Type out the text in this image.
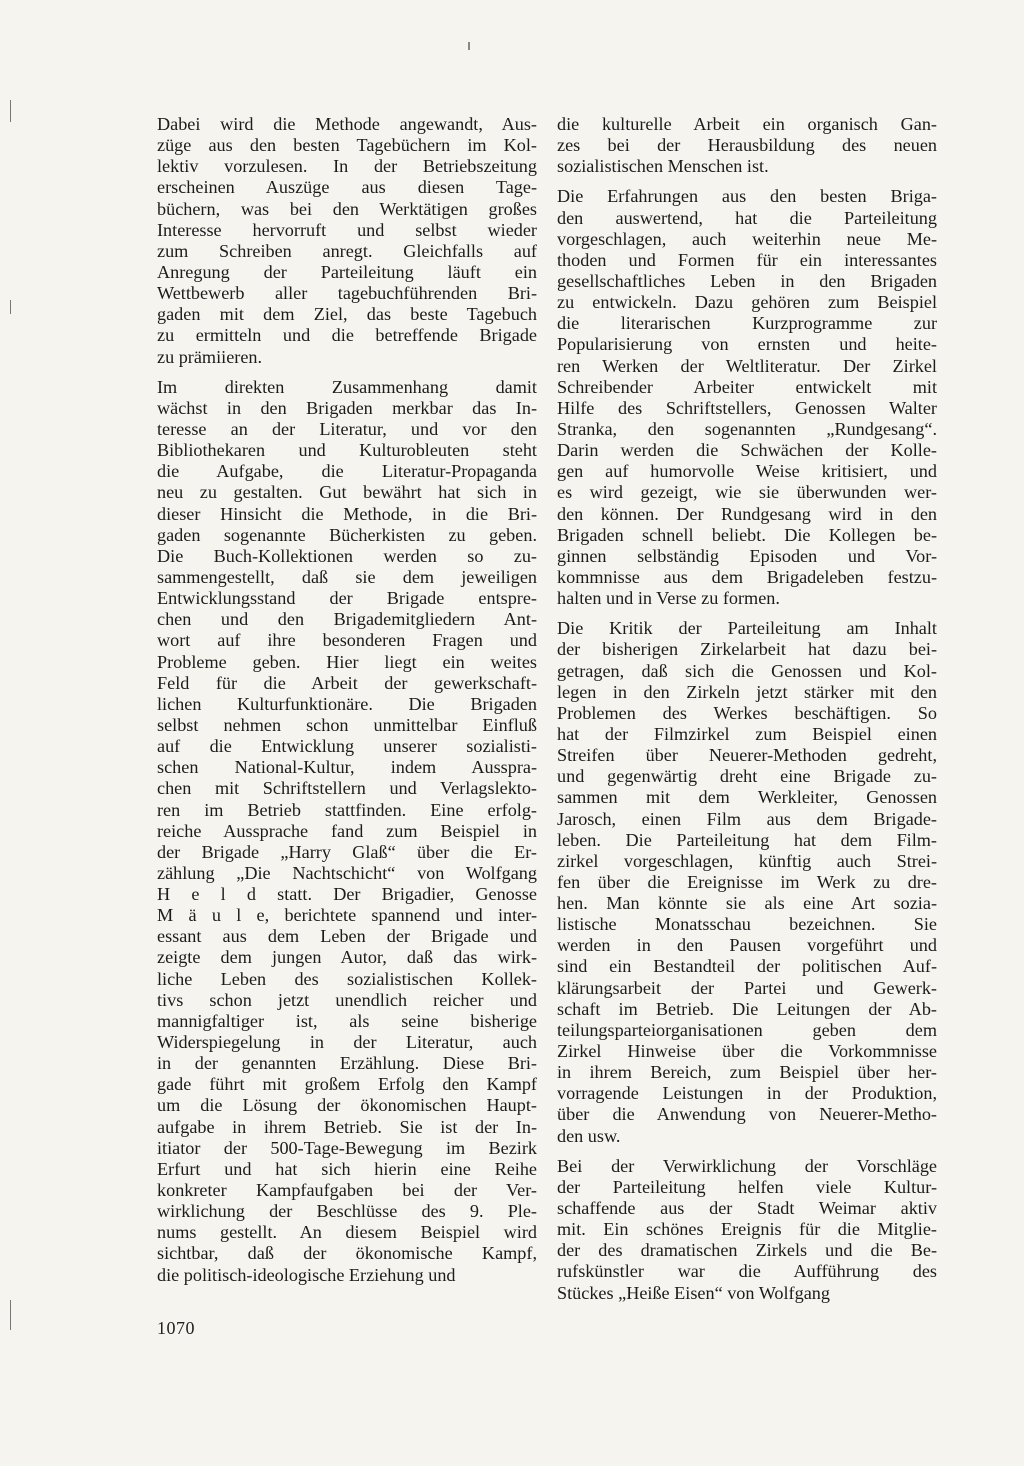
Dabei wird die Methode angewandt, Aus-
züge aus den besten Tagebüchern im Kol-
lektiv vorzulesen. In der Betriebszeitung
erscheinen Auszüge aus diesen Tage-
büchern, was bei den Werktätigen großes
Interesse hervorruft und selbst wieder
zum Schreiben anregt. Gleichfalls auf
Anregung der Parteileitung läuft ein
Wettbewerb aller tagebuchführenden Bri-
gaden mit dem Ziel, das beste Tagebuch
zu ermitteln und die betreffende Brigade
zu prämiieren.
Im direkten Zusammenhang damit
wächst in den Brigaden merkbar das In-
teresse an der Literatur, und vor den
Bibliothekaren und Kulturobleuten steht
die Aufgabe, die Literatur-Propaganda
neu zu gestalten. Gut bewährt hat sich in
dieser Hinsicht die Methode, in die Bri-
gaden sogenannte Bücherkisten zu geben.
Die Buch-Kollektionen werden so zu-
sammengestellt, daß sie dem jeweiligen
Entwicklungsstand der Brigade entspre-
chen und den Brigademitgliedern Ant-
wort auf ihre besonderen Fragen und
Probleme geben. Hier liegt ein weites
Feld für die Arbeit der gewerkschaft-
lichen Kulturfunktionäre. Die Brigaden
selbst nehmen schon unmittelbar Einfluß
auf die Entwicklung unserer sozialisti-
schen National-Kultur, indem Ausspra-
chen mit Schriftstellern und Verlagslekto-
ren im Betrieb stattfinden. Eine erfolg-
reiche Aussprache fand zum Beispiel in
der Brigade „Harry Glaß“ über die Er-
zählung „Die Nachtschicht“ von Wolfgang
H e l d statt. Der Brigadier, Genosse
M ä u l e, berichtete spannend und inter-
essant aus dem Leben der Brigade und
zeigte dem jungen Autor, daß das wirk-
liche Leben des sozialistischen Kollek-
tivs schon jetzt unendlich reicher und
mannigfaltiger ist, als seine bisherige
Widerspiegelung in der Literatur, auch
in der genannten Erzählung. Diese Bri-
gade führt mit großem Erfolg den Kampf
um die Lösung der ökonomischen Haupt-
aufgabe in ihrem Betrieb. Sie ist der In-
itiator der 500-Tage-Bewegung im Bezirk
Erfurt und hat sich hierin eine Reihe
konkreter Kampfaufgaben bei der Ver-
wirklichung der Beschlüsse des 9. Ple-
nums gestellt. An diesem Beispiel wird
sichtbar, daß der ökonomische Kampf,
die politisch-ideologische Erziehung und
die kulturelle Arbeit ein organisch Gan-
zes bei der Herausbildung des neuen
sozialistischen Menschen ist.
Die Erfahrungen aus den besten Briga-
den auswertend, hat die Parteileitung
vorgeschlagen, auch weiterhin neue Me-
thoden und Formen für ein interessantes
gesellschaftliches Leben in den Brigaden
zu entwickeln. Dazu gehören zum Beispiel
die literarischen Kurzprogramme zur
Popularisierung von ernsten und heite-
ren Werken der Weltliteratur. Der Zirkel
Schreibender Arbeiter entwickelt mit
Hilfe des Schriftstellers, Genossen Walter
Stranka, den sogenannten „Rundgesang“.
Darin werden die Schwächen der Kolle-
gen auf humorvolle Weise kritisiert, und
es wird gezeigt, wie sie überwunden wer-
den können. Der Rundgesang wird in den
Brigaden schnell beliebt. Die Kollegen be-
ginnen selbständig Episoden und Vor-
kommnisse aus dem Brigadeleben festzu-
halten und in Verse zu formen.
Die Kritik der Parteileitung am Inhalt
der bisherigen Zirkelarbeit hat dazu bei-
getragen, daß sich die Genossen und Kol-
legen in den Zirkeln jetzt stärker mit den
Problemen des Werkes beschäftigen. So
hat der Filmzirkel zum Beispiel einen
Streifen über Neuerer-Methoden gedreht,
und gegenwärtig dreht eine Brigade zu-
sammen mit dem Werkleiter, Genossen
Jarosch, einen Film aus dem Brigade-
leben. Die Parteileitung hat dem Film-
zirkel vorgeschlagen, künftig auch Strei-
fen über die Ereignisse im Werk zu dre-
hen. Man könnte sie als eine Art sozia-
listische Monatsschau bezeichnen. Sie
werden in den Pausen vorgeführt und
sind ein Bestandteil der politischen Auf-
klärungsarbeit der Partei und Gewerk-
schaft im Betrieb. Die Leitungen der Ab-
teilungsparteiorganisationen geben dem
Zirkel Hinweise über die Vorkommnisse
in ihrem Bereich, zum Beispiel über her-
vorragende Leistungen in der Produktion,
über die Anwendung von Neuerer-Metho-
den usw.
Bei der Verwirklichung der Vorschläge
der Parteileitung helfen viele Kultur-
schaffende aus der Stadt Weimar aktiv
mit. Ein schönes Ereignis für die Mitglie-
der des dramatischen Zirkels und die Be-
rufskünstler war die Aufführung des
Stückes „Heiße Eisen“ von Wolfgang
1070
